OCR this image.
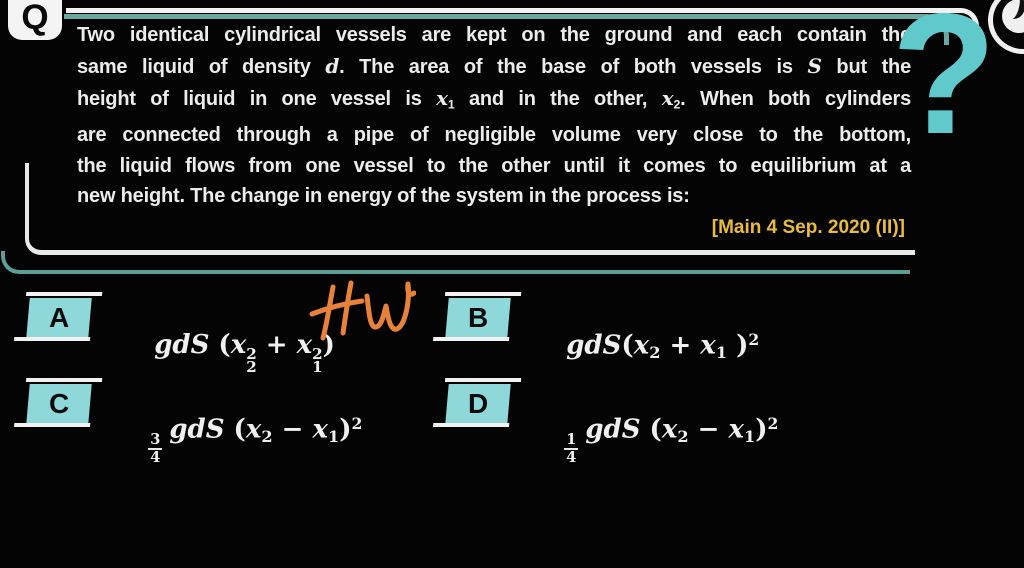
Q	?
Two identical cylindrical vessels are kept on the ground and each contain the
same liquid of density d. The area of the base of both vessels is S but the
height of liquid in one vessel is x1 and in the other, x2. When both cylinders
are connected through a pipe of negligible volume very close to the bottom,
the liquid flows from one vessel to the other until it comes to equilibrium at a
new height. The change in energy of the system in the process is:
[Main 4 Sep. 2020 (II)]
A

gdS (x 2
2
+ x 2
1
)

B

gdS(x2 + x1 )$^2$

C

$\frac{3}{4}$
gdS $(x2 - x1)^2$

D

$\frac{1}{4}$
gdS $(x2 - x1)^2$
